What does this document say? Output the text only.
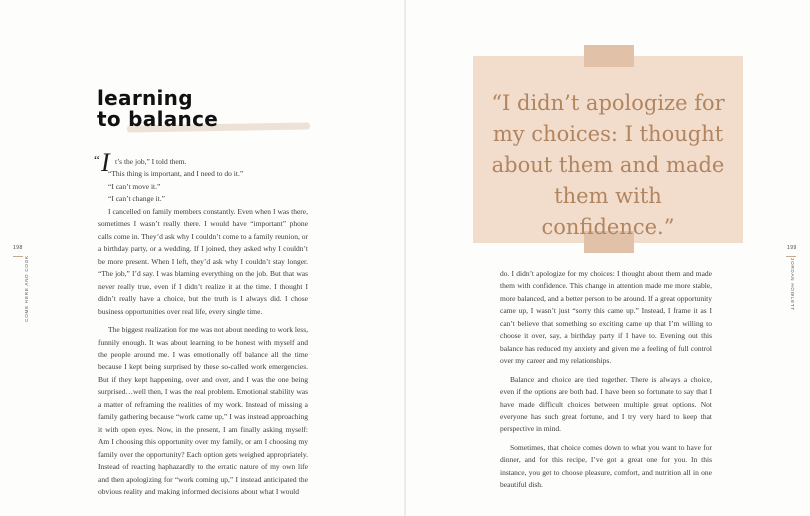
learning
to balance
“ I t’s the job,” I told them.

“This thing is important, and I need to do it.”

“I can’t move it.”

“I can’t change it.”

I cancelled on family members constantly. Even when I was there, sometimes I wasn’t really there. I would have “important” phone calls come in. They’d ask why I couldn’t come to a family reunion, or a birthday party, or a wedding. If I joined, they asked why I couldn’t be more present. When I left, they’d ask why I couldn’t stay longer. “The job,” I’d say. I was blaming everything on the job. But that was never really true, even if I didn’t realize it at the time. I thought I didn’t really have a choice, but the truth is I always did. I chose business opportunities over real life, every single time.

The biggest realization for me was not about needing to work less, funnily enough. It was about learning to be honest with myself and the people around me. I was emotionally off balance all the time because I kept being surprised by these so-called work emergencies. But if they kept happening, over and over, and I was the one being surprised…well then, I was the real problem. Emotional stability was a matter of reframing the realities of my work. Instead of missing a family gathering because “work came up,” I was instead approaching it with open eyes. Now, in the present, I am finally asking myself: Am I choosing this opportunity over my family, or am I choosing my family over the opportunity? Each option gets weighed appropriately. Instead of reacting haphazardly to the erratic nature of my own life and then apologizing for “work coming up,” I instead anticipated the obvious reality and making informed decisions about what I would

198
COME HERE AND COOK
“I didn’t apologize for my choices: I thought about them and made them with confidence.”

do. I didn’t apologize for my choices: I thought about them and made them with confidence. This change in attention made me more stable, more balanced, and a better person to be around. If a great opportunity came up, I wasn’t just “sorry this came up.” Instead, I frame it as I can’t believe that something so exciting came up that I’m willing to choose it over, say, a birthday party if I have to. Evening out this balance has reduced my anxiety and given me a feeling of full control over my career and my relationships.

Balance and choice are tied together. There is always a choice, even if the options are both bad. I have been so fortunate to say that I have made difficult choices between multiple great options. Not everyone has such great fortune, and I try very hard to keep that perspective in mind.

Sometimes, that choice comes down to what you want to have for dinner, and for this recipe, I’ve got a great one for you. In this instance, you get to choose pleasure, comfort, and nutrition all in one beautiful dish.

199
JORDAN HOWLETT
